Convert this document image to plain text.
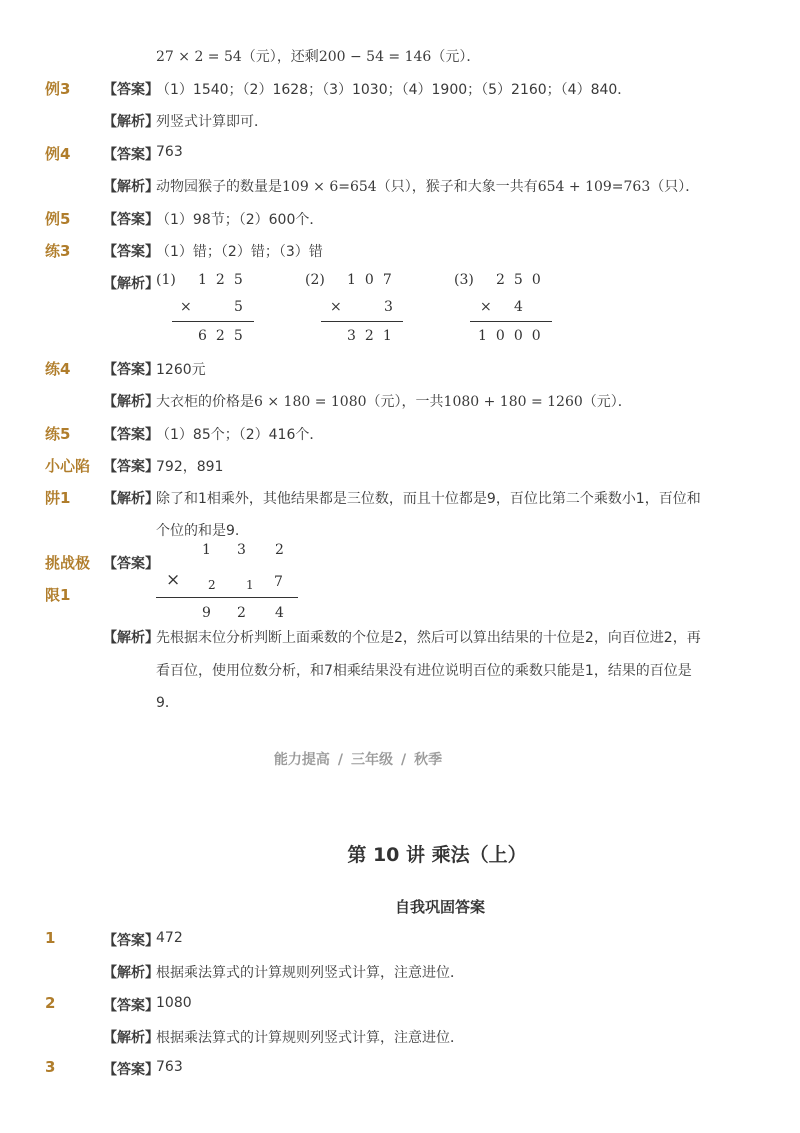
27 × 2 = 54（元），还剩200 − 54 = 146（元）．
例3 【答案】
（1）1540；（2）1628；（3）1030；（4）1900；（5）2160；（4）840．
【解析】
列竖式计算即可．
例4 【答案】
763
【解析】
动物园猴子的数量是109 × 6=654（只），猴子和大象一共有654 + 109=763（只）．
例5 【答案】
（1）98节；（2）600个．
练3 【答案】
（1）错；（2）错；（3）错
【解析】
(1) 125
×	5
625
(2) 107
×	3
321
(3) 250
× 4
1000
练4 【答案】
1260元
【解析】
大衣柜的价格是6 × 180 = 1080（元），一共1080 + 180 = 1260（元）．
练5 【答案】
（1）85个；（2）416个．
小心陷
阱1
【答案】
792，891
【解析】
除了和1相乘外，其他结果都是三位数，而且十位都是9，百位比第二个乘数小1，百位和
个位的和是9.
挑战极
限1
【答案】
1 3 2
× 2	1 7
9 2 4
【解析】
先根据末位分析判断上面乘数的个位是2，然后可以算出结果的十位是2，向百位进2，再
看百位，使用位数分析，和7相乘结果没有进位说明百位的乘数只能是1，结果的百位是
9．
能力提高 / 三年级 / 秋季
第 10 讲 乘法（上）
自我巩固答案
1	【答案】
472
【解析】
根据乘法算式的计算规则列竖式计算，注意进位．
2	【答案】
1080
【解析】
根据乘法算式的计算规则列竖式计算，注意进位．
3	【答案】
763
